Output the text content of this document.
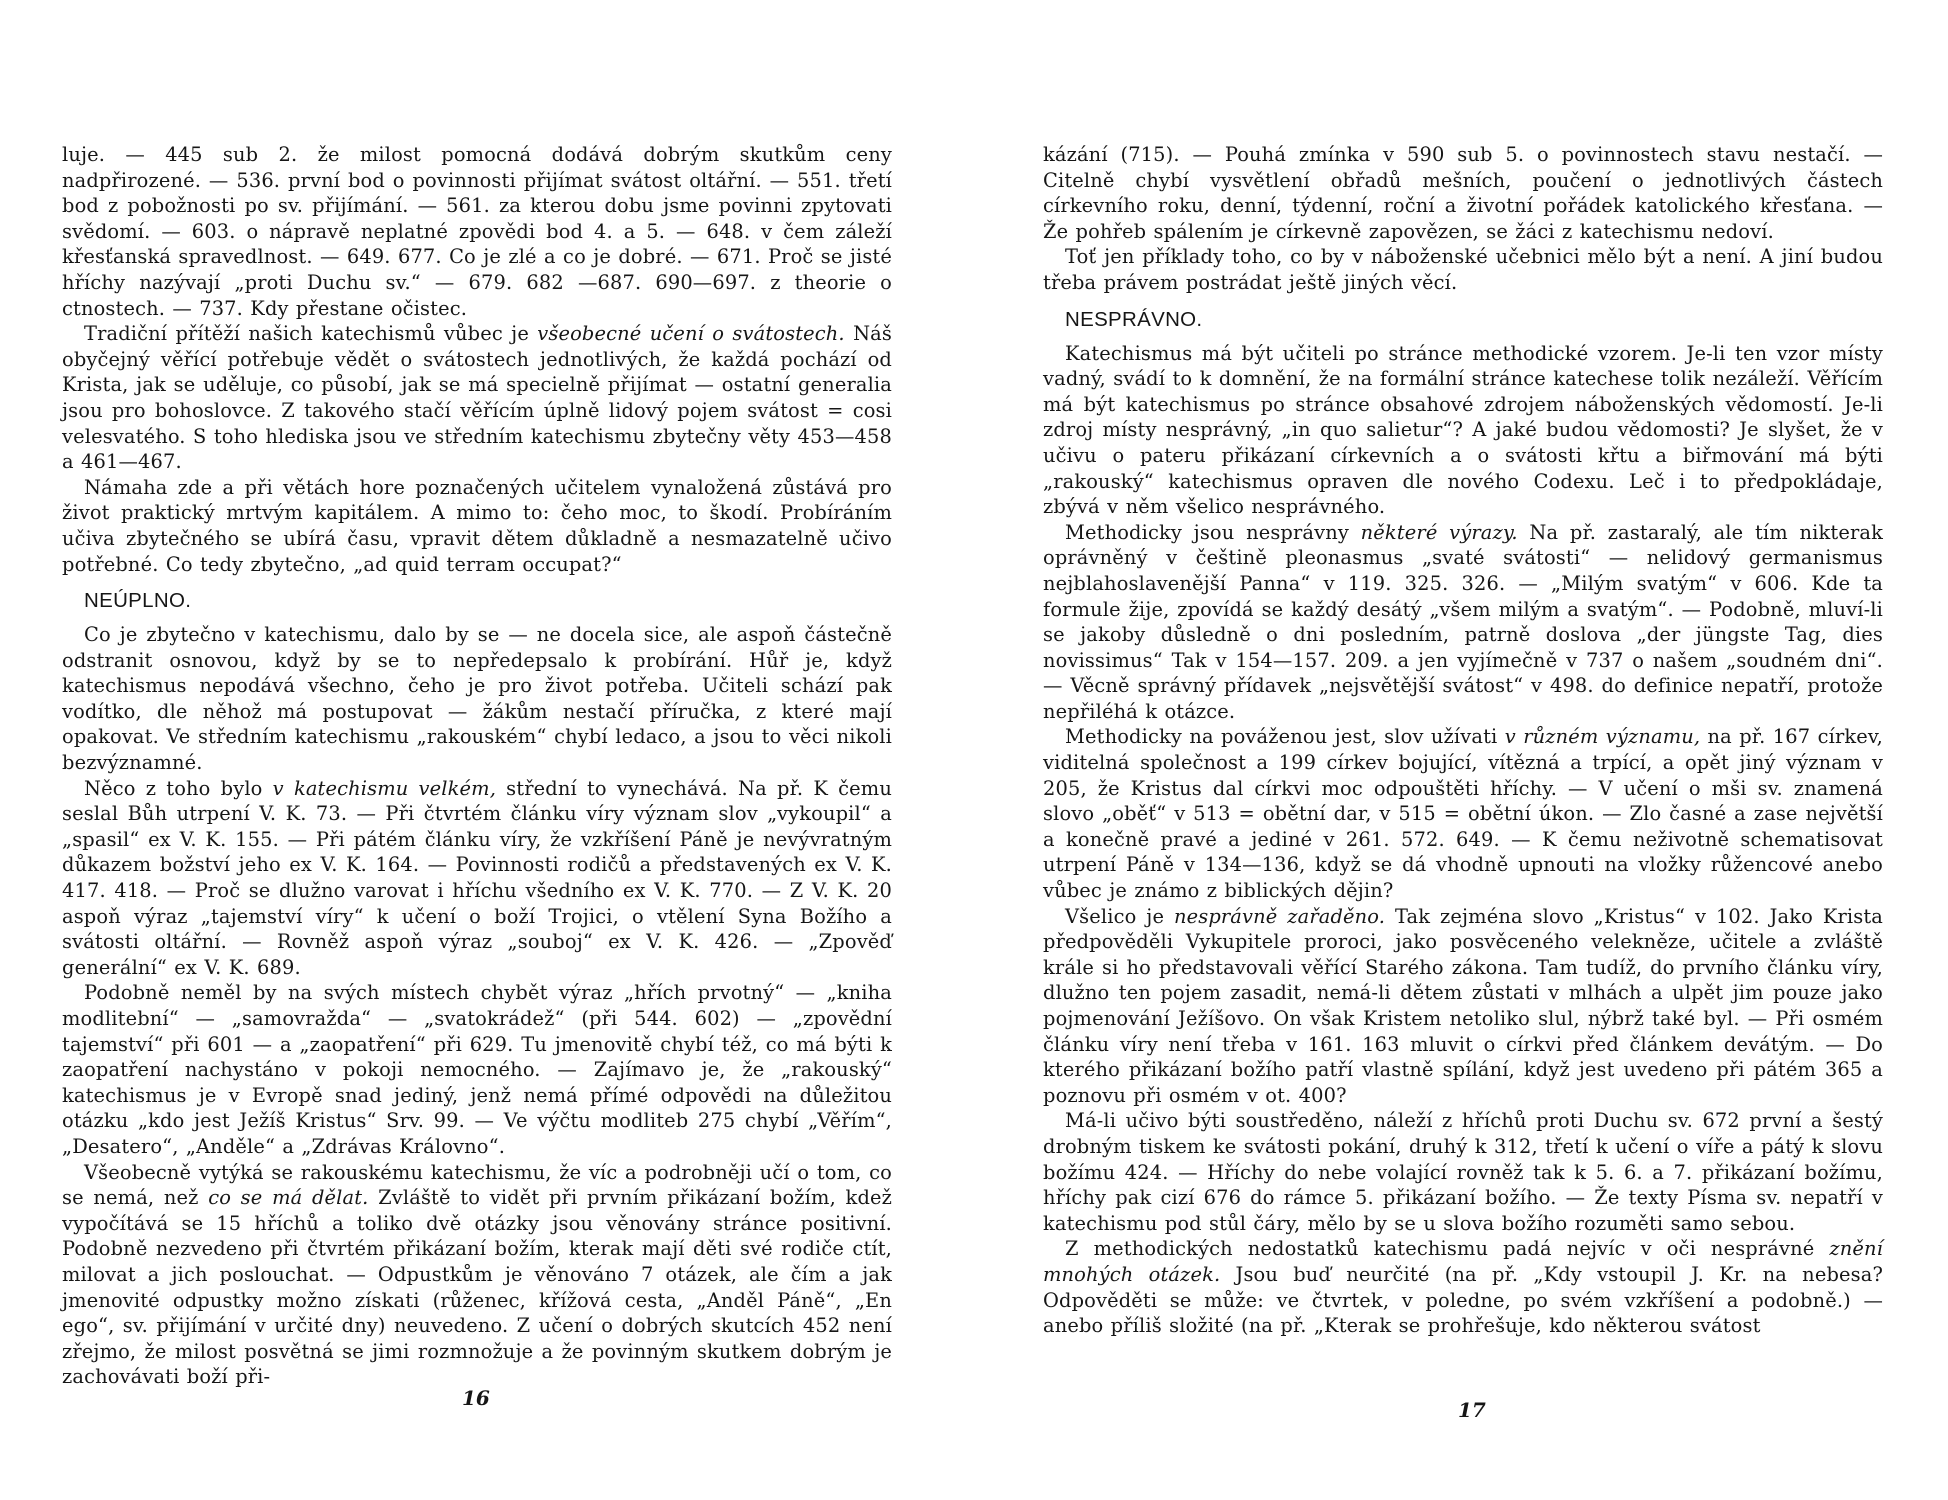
luje. — 445 sub 2. že milost pomocná dodává dobrým skutkům ceny nadpřirozené. — 536. první bod o povinnosti přijímat svátost oltářní. — 551. třetí bod z pobožnosti po sv. přijímání. — 561. za kterou dobu jsme povinni zpytovati svědomí. — 603. o nápravě neplatné zpovědi bod 4. a 5. — 648. v čem záleží křesťanská spravedlnost. — 649. 677. Co je zlé a co je dobré. — 671. Proč se jisté hříchy nazývají „proti Duchu sv.“ — 679. 682 —687. 690—697. z theorie o ctnostech. — 737. Kdy přestane očistec.

Tradiční přítěží našich katechismů vůbec je všeobecné učení o svátostech. Náš obyčejný věřící potřebuje vědět o svátostech jednotlivých, že každá pochází od Krista, jak se uděluje, co působí, jak se má specielně přijímat — ostatní generalia jsou pro bohoslovce. Z takového stačí věřícím úplně lidový pojem svátost = cosi velesvatého. S toho hlediska jsou ve středním katechismu zbytečny věty 453—458 a 461—467.

Námaha zde a při větách hore poznačených učitelem vynaložená zůstává pro život praktický mrtvým kapitálem. A mimo to: čeho moc, to škodí. Probíráním učiva zbytečného se ubírá času, vpravit dětem důkladně a nesmazatelně učivo potřebné. Co tedy zbytečno, „ad quid terram occupat?“

NEÚPLNO.

Co je zbytečno v katechismu, dalo by se — ne docela sice, ale aspoň částečně odstranit osnovou, když by se to nepředepsalo k probírání. Hůř je, když katechismus nepodává všechno, čeho je pro život potřeba. Učiteli schází pak vodítko, dle něhož má postupovat — žákům nestačí příručka, z které mají opakovat. Ve středním katechismu „rakouském“ chybí ledaco, a jsou to věci nikoli bezvýznamné.

Něco z toho bylo v katechismu velkém, střední to vynechává. Na př. K čemu seslal Bůh utrpení V. K. 73. — Při čtvrtém článku víry význam slov „vykoupil“ a „spasil“ ex V. K. 155. — Při pátém článku víry, že vzkříšení Páně je nevývratným důkazem božství jeho ex V. K. 164. — Povinnosti rodičů a představených ex V. K. 417. 418. — Proč se dlužno varovat i hříchu všedního ex V. K. 770. — Z V. K. 20 aspoň výraz „tajemství víry“ k učení o boží Trojici, o vtělení Syna Božího a svátosti oltářní. — Rovněž aspoň výraz „souboj“ ex V. K. 426. — „Zpověď generální“ ex V. K. 689.

Podobně neměl by na svých místech chybět výraz „hřích prvotný“ — „kniha modlitební“ — „samovražda“ — „svatokrádež“ (při 544. 602) — „zpovědní tajemství“ při 601 — a „zaopatření“ při 629. Tu jmenovitě chybí též, co má býti k zaopatření nachystáno v pokoji nemocného. — Zajímavo je, že „rakouský“ katechismus je v Evropě snad jediný, jenž nemá přímé odpovědi na důležitou otázku „kdo jest Ježíš Kristus“ Srv. 99. — Ve výčtu modliteb 275 chybí „Věřím“, „Desatero“, „Anděle“ a „Zdrávas Královno“.

Všeobecně vytýká se rakouskému katechismu, že víc a podrobněji učí o tom, co se nemá, než co se má dělat. Zvláště to vidět při prvním přikázaní božím, kdež vypočítává se 15 hříchů a toliko dvě otázky jsou věnovány stránce positivní. Podobně nezvedeno při čtvrtém přikázaní božím, kterak mají děti své rodiče ctít, milovat a jich poslouchat. — Odpustkům je věnováno 7 otázek, ale čím a jak jmenovité odpustky možno získati (růženec, křížová cesta, „Anděl Páně“, „En ego“, sv. přijímání v určité dny) neuvedeno. Z učení o dobrých skutcích 452 není zřejmo, že milost posvětná se jimi rozmnožuje a že povinným skutkem dobrým je zachovávati boží při-

16

kázání (715). — Pouhá zmínka v 590 sub 5. o povinnostech stavu nestačí. — Citelně chybí vysvětlení obřadů mešních, poučení o jednotlivých částech církevního roku, denní, týdenní, roční a životní pořádek katolického křesťana. — Že pohřeb spálením je církevně zapovězen, se žáci z katechismu nedoví.

Toť jen příklady toho, co by v náboženské učebnici mělo být a není. A jiní budou třeba právem postrádat ještě jiných věcí.

NESPRÁVNO.

Katechismus má být učiteli po stránce methodické vzorem. Je-li ten vzor místy vadný, svádí to k domnění, že na formální stránce katechese tolik nezáleží. Věřícím má být katechismus po stránce obsahové zdrojem náboženských vědomostí. Je-li zdroj místy nesprávný, „in quo salietur“? A jaké budou vědomosti? Je slyšet, že v učivu o pateru přikázaní církevních a o svátosti křtu a biřmování má býti „rakouský“ katechismus opraven dle nového Codexu. Leč i to předpokládaje, zbývá v něm všelico nesprávného.

Methodicky jsou nesprávny některé výrazy. Na př. zastaralý, ale tím nikterak oprávněný v češtině pleonasmus „svaté svátosti“ — nelidový germanismus nejblahoslavenější Panna“ v 119. 325. 326. — „Milým svatým“ v 606. Kde ta formule žije, zpovídá se každý desátý „všem milým a svatým“. — Podobně, mluví-li se jakoby důsledně o dni posledním, patrně doslova „der jüngste Tag, dies novissimus“ Tak v 154—157. 209. a jen vyjímečně v 737 o našem „soudném dni“. — Věcně správný přídavek „nejsvětější svátost“ v 498. do definice nepatří, protože nepřiléhá k otázce.

Methodicky na pováženou jest, slov užívati v různém významu, na př. 167 církev, viditelná společnost a 199 církev bojující, vítězná a trpící, a opět jiný význam v 205, že Kristus dal církvi moc odpouštěti hříchy. — V učení o mši sv. znamená slovo „oběť“ v 513 = obětní dar, v 515 = obětní úkon. — Zlo časné a zase největší a konečně pravé a jediné v 261. 572. 649. — K čemu neživotně schematisovat utrpení Páně v 134—136, když se dá vhodně upnouti na vložky růžencové anebo vůbec je známo z biblických dějin?

Všelico je nesprávně zařaděno. Tak zejména slovo „Kristus“ v 102. Jako Krista předpověděli Vykupitele proroci, jako posvěceného velekněze, učitele a zvláště krále si ho představovali věřící Starého zákona. Tam tudíž, do prvního článku víry, dlužno ten pojem zasadit, nemá-li dětem zůstati v mlhách a ulpět jim pouze jako pojmenování Ježíšovo. On však Kristem netoliko slul, nýbrž také byl. — Při osmém článku víry není třeba v 161. 163 mluvit o církvi před článkem devátým. — Do kterého přikázaní božího patří vlastně spílání, když jest uvedeno při pátém 365 a poznovu při osmém v ot. 400?

Má-li učivo býti soustředěno, náleží z hříchů proti Duchu sv. 672 první a šestý drobným tiskem ke svátosti pokání, druhý k 312, třetí k učení o víře a pátý k slovu božímu 424. — Hříchy do nebe volající rovněž tak k 5. 6. a 7. přikázaní božímu, hříchy pak cizí 676 do rámce 5. přikázaní božího. — Že texty Písma sv. nepatří v katechismu pod stůl čáry, mělo by se u slova božího rozuměti samo sebou.

Z methodických nedostatků katechismu padá nejvíc v oči nesprávné znění mnohých otázek. Jsou buď neurčité (na př. „Kdy vstoupil J. Kr. na nebesa? Odpověděti se může: ve čtvrtek, v poledne, po svém vzkříšení a podobně.) — anebo příliš složité (na př. „Kterak se prohřešuje, kdo některou svátost

17
